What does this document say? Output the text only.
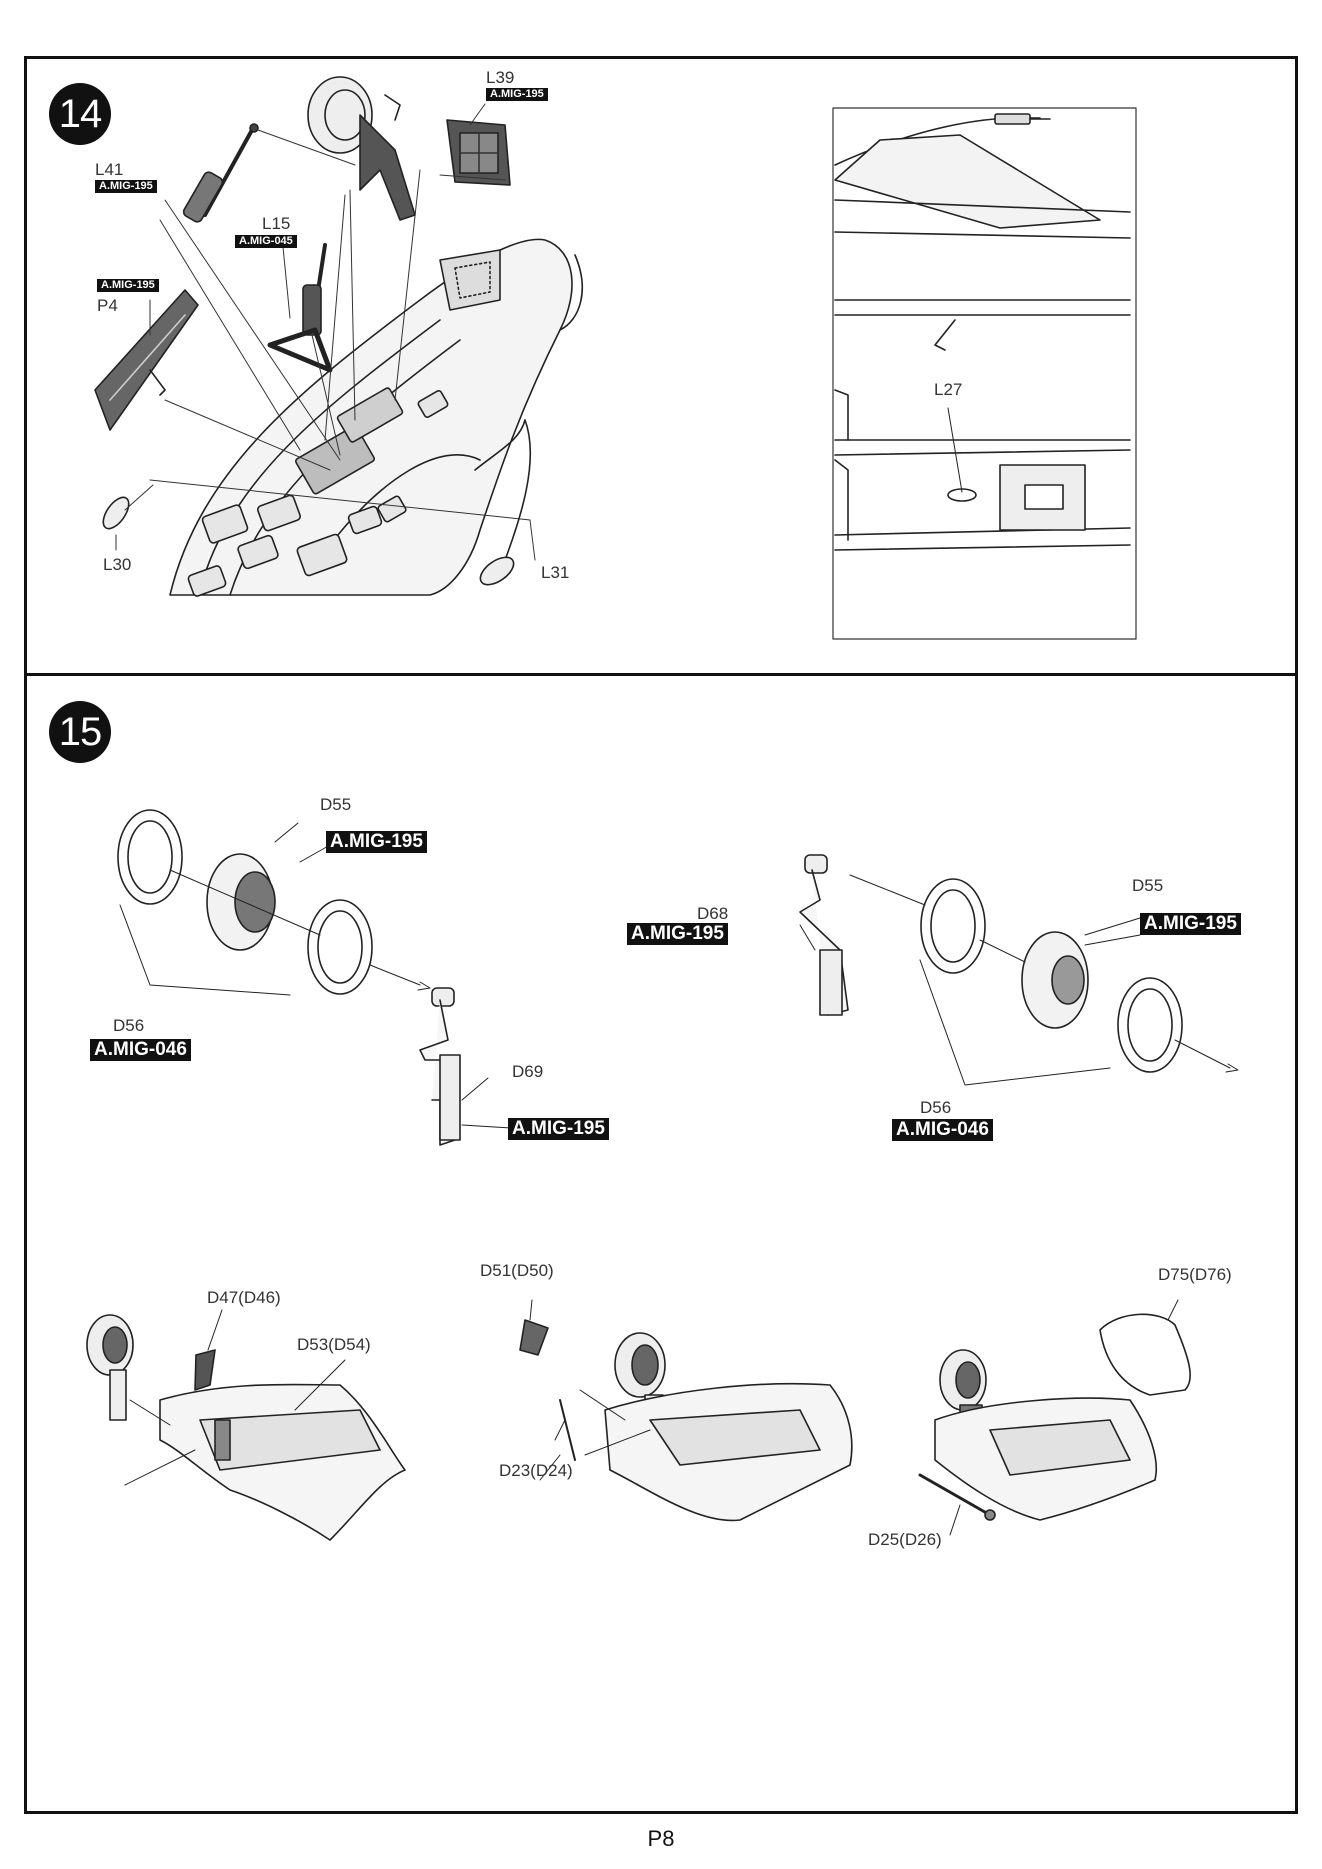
14
L39
A.MIG-195
L41
A.MIG-195
L15
A.MIG-045
A.MIG-195
P4
L30	L31
L27
15
D55
A.MIG-195
D56
A.MIG-046
D69
A.MIG-195
D68
A.MIG-195
D55
A.MIG-195
D56
A.MIG-046
D47(D46)
D53(D54)
D51(D50)
D23(D24)
D75(D76)
D25(D26)
P8
